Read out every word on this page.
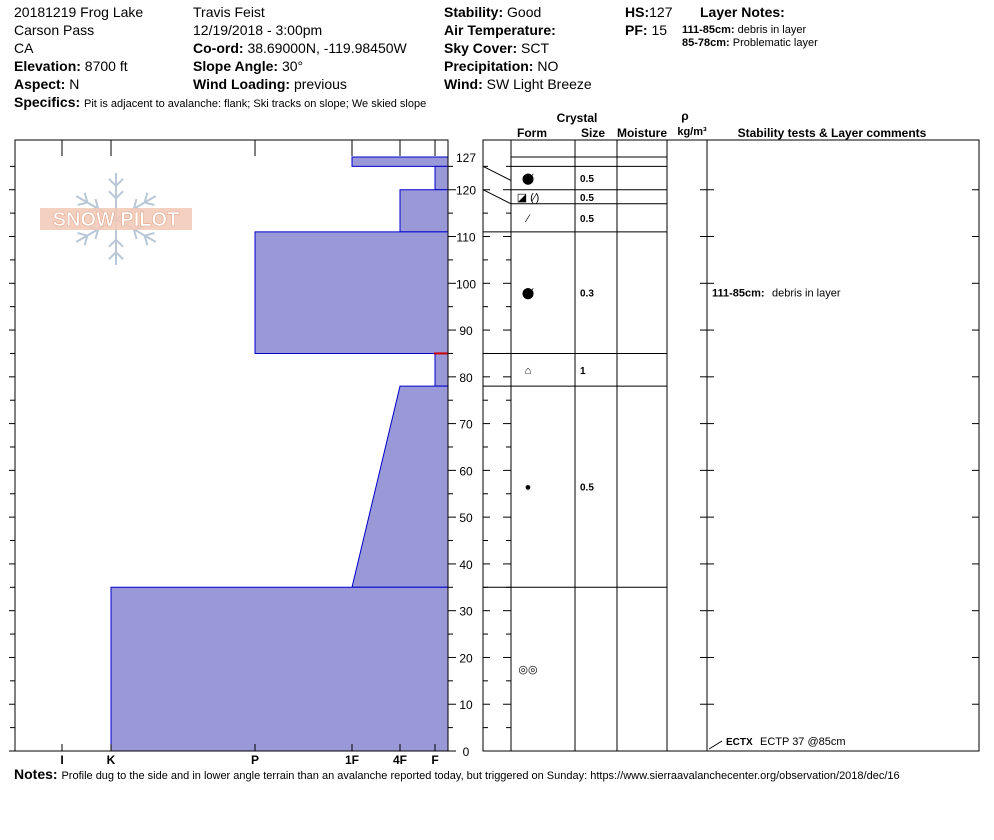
20181219 Frog Lake
Carson Pass
CA
Elevation: 8700 ft
Aspect: N
Travis Feist
12/19/2018 - 3:00pm
Co-ord: 38.69000N, -119.98450W
Slope Angle: 30°
Wind Loading: previous
Stability: Good
Air Temperature:
Sky Cover: SCT
Precipitation: NO
Wind: SW Light Breeze
HS:127
PF: 15
Layer Notes:
111-85cm: debris in layer
85-78cm: Problematic layer
Specifics: Pit is adjacent to avalanche: flank; Ski tracks on slope; We skied slope
SNOW PILOT
I	K	P	1F	4F F
0
10
20
30
40
50
60
70
80
90
100
110
120
127
Crystal
Form	Size Moisture
ρ
kg/m³	Stability tests & Layer comments
⬤̸	0.5
◪ (⁄)	0.5
⁄	0.5
⬤̸	0.3
⌂	1
●	0.5
◎◎
111-85cm: debris in layer
ECTX ECTP 37 @85cm
Notes: Profile dug to the side and in lower angle terrain than an avalanche reported today, but triggered on Sunday: https://www.sierraavalanchecenter.org/observation/2018/dec/16
